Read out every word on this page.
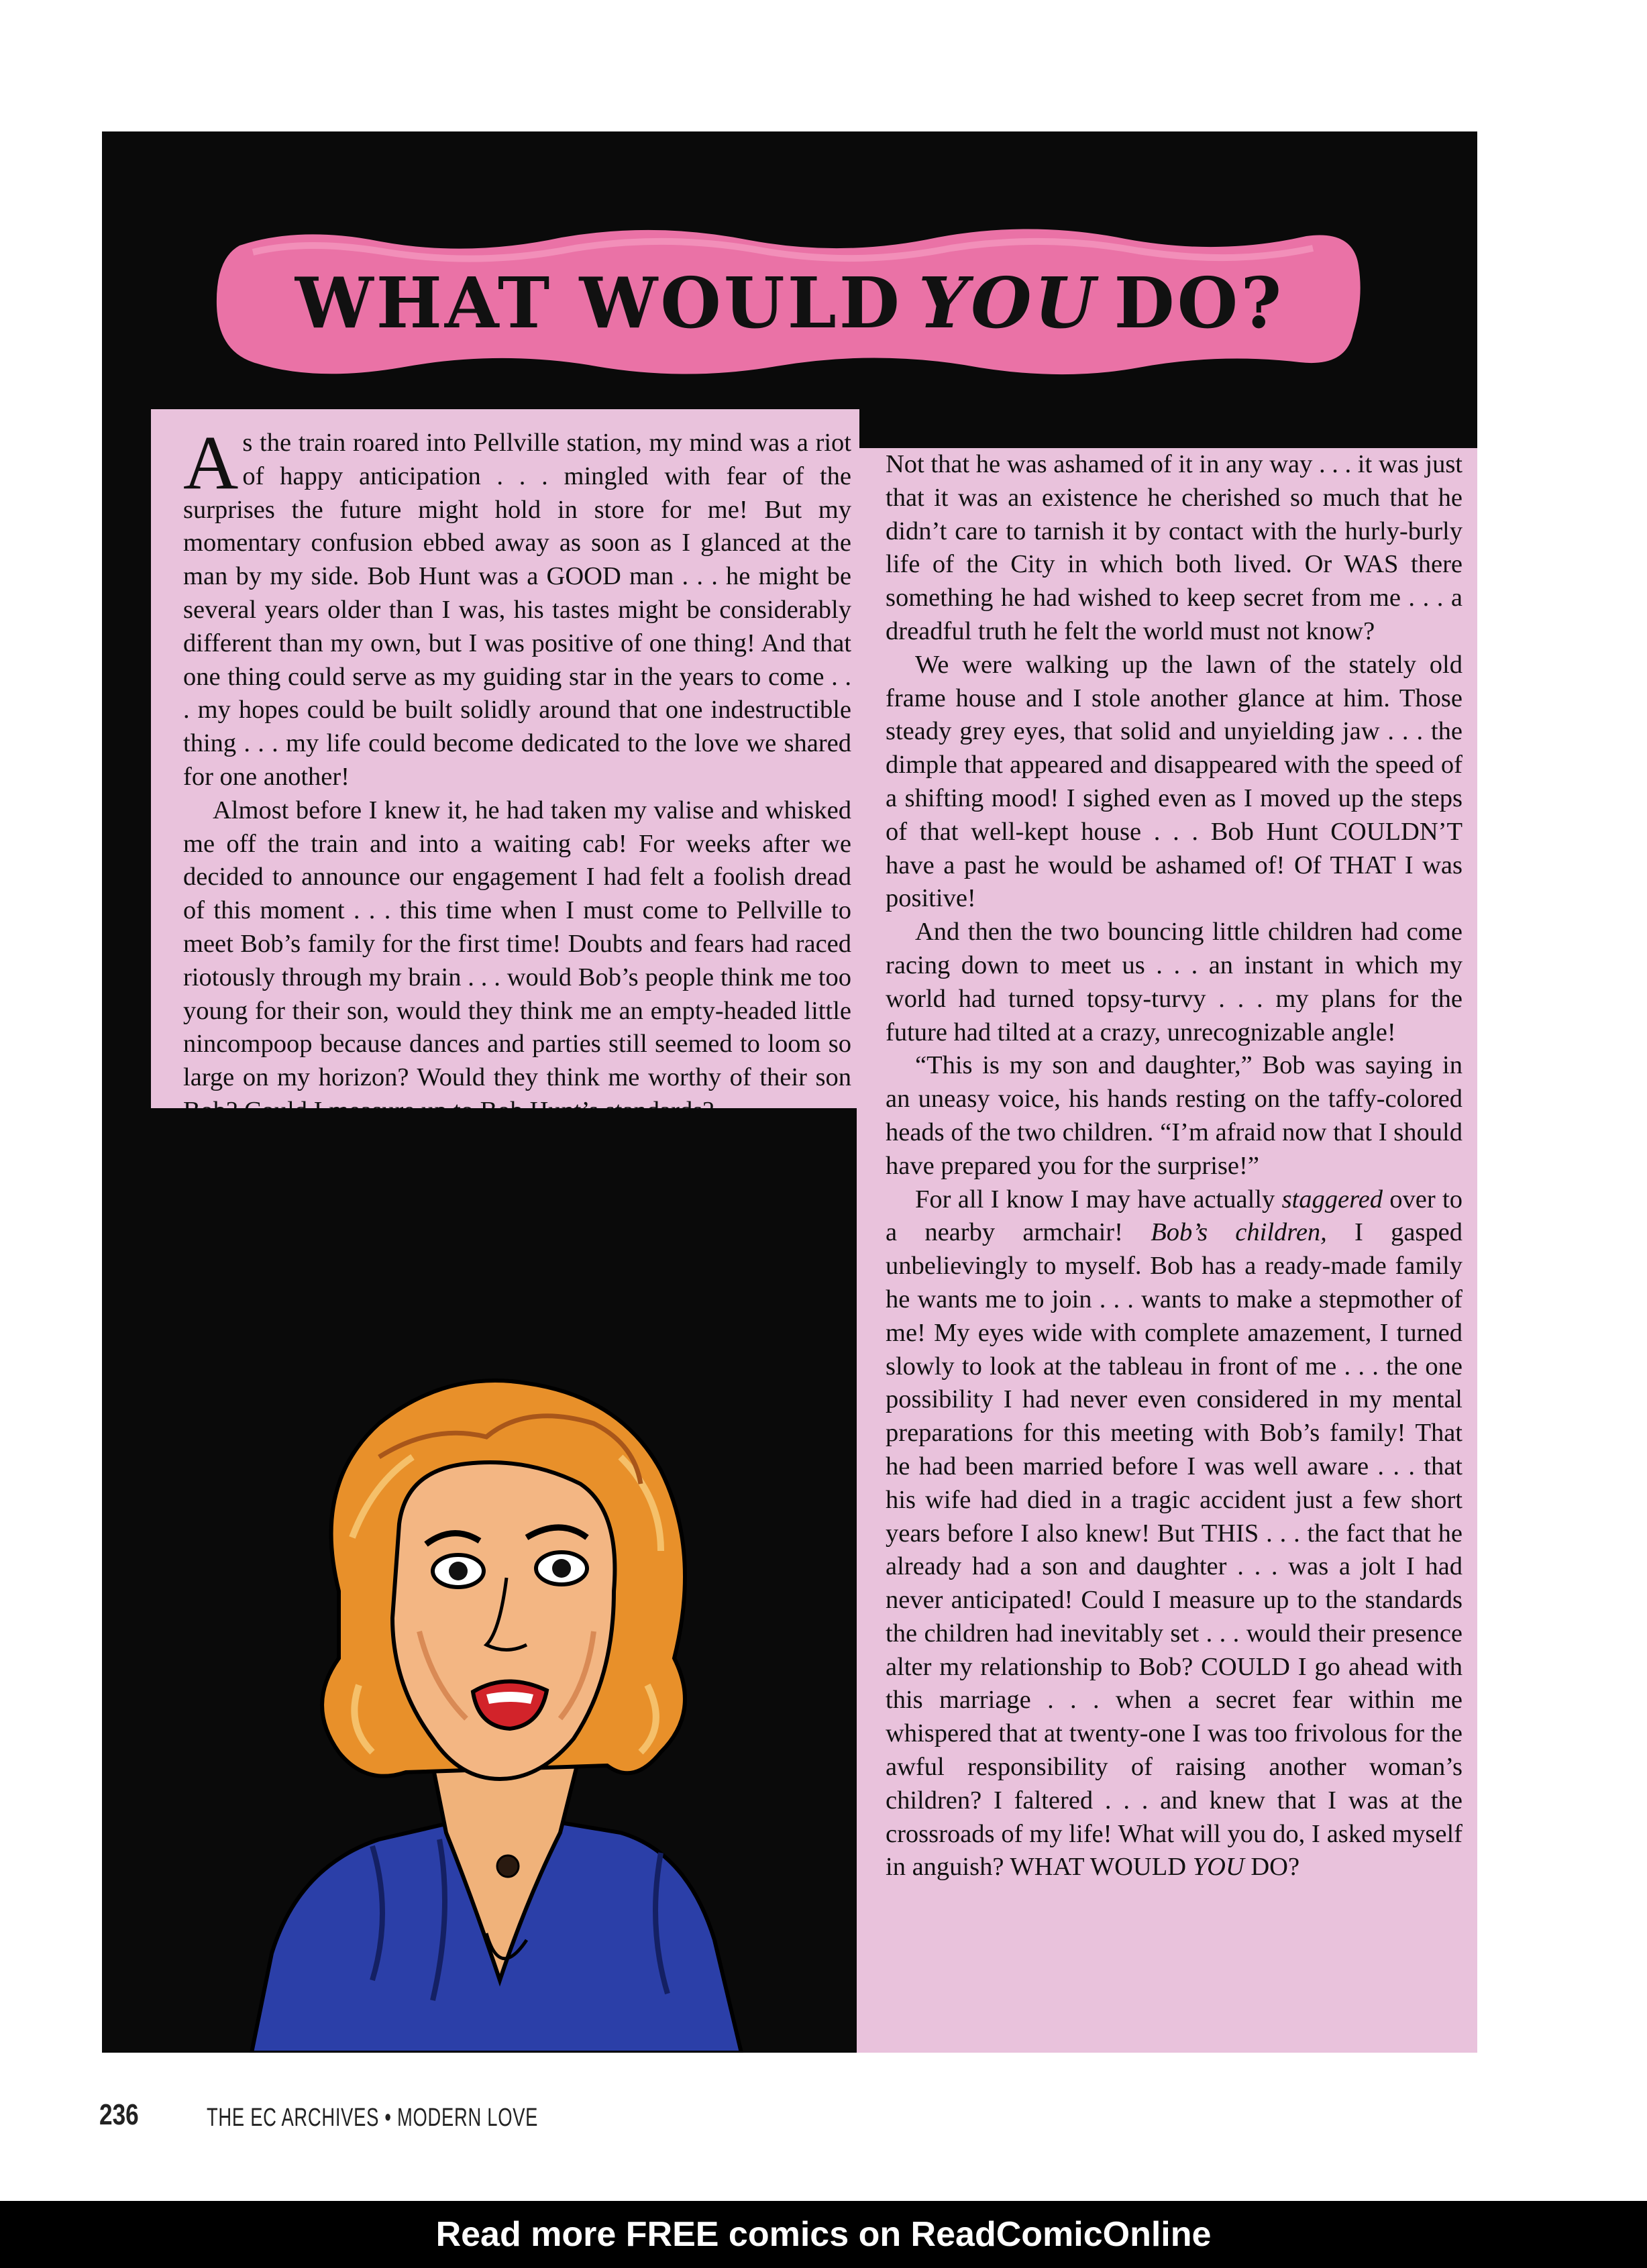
WHAT WOULD YOU DO?

As the train roared into Pellville station, my mind was a riot of happy anticipation . . . mingled with fear of the surprises the future might hold in store for me! But my momentary confusion ebbed away as soon as I glanced at the man by my side. Bob Hunt was a GOOD man . . . he might be several years older than I was, his tastes might be considerably different than my own, but I was positive of one thing! And that one thing could serve as my guiding star in the years to come . . . my hopes could be built solidly around that one indestructible thing . . . my life could become dedicated to the love we shared for one another!

Almost before I knew it, he had taken my valise and whisked me off the train and into a waiting cab! For weeks after we decided to announce our engagement I had felt a foolish dread of this moment . . . this time when I must come to Pellville to meet Bob’s family for the first time! Doubts and fears had raced riotously through my brain . . . would Bob’s people think me too young for their son, would they think me an empty-headed little nincompoop because dances and parties still seemed to loom so large on my horizon? Would they think me worthy of their son

Not that he was ashamed of it in any way . . . it was just that it was an existence he cherished so much that he didn’t care to tarnish it by contact with the hurly-burly life of the City in which both lived. Or WAS there something he had wished to keep secret from me . . . a dreadful truth he felt the world must not know?

We were walking up the lawn of the stately old frame house and I stole another glance at him. Those steady grey eyes, that solid and unyielding jaw . . . the dimple that appeared and disappeared with the speed of a shifting mood! I sighed even as I moved up the steps of that well-kept house . . . Bob Hunt COULDN’T have a past he would be ashamed of! Of THAT I was positive!

And then the two bouncing little children had come racing down to meet us . . . an instant in which my world had turned topsy-turvy . . . my plans for the future had tilted at a crazy, unrecognizable angle!

“This is my son and daughter,” Bob was saying in an uneasy voice, his hands resting on the taffy-colored heads of the two children. “I’m afraid now that I should have prepared you for the surprise!”

For all I know I may have actually staggered over to a nearby armchair! Bob’s children, I gasped unbelievingly to myself. Bob has a ready-made family he wants me to join . . . wants to make a stepmother of me! My eyes wide with complete amazement, I turned slowly to look at the tableau in front of me . . . the one possibility I had never even considered in my mental preparations for this meeting with Bob’s family! That he had been married before I was well aware . . . that his wife had died in a tragic accident just a few short years before I also knew! But THIS . . . the fact that he already had a son and daughter . . . was a jolt I had never anticipated! Could I measure up to the standards the children had inevitably set . . . would their presence alter my relationship to Bob? COULD I go ahead with this marriage . . . when a secret fear within me whispered that at twenty-one I was too frivolous for the awful responsibility of raising another woman’s children? I faltered . . . and knew that I was at the crossroads of my life! What will you do, I asked myself in anguish? WHAT WOULD YOU DO?

236	THE EC ARCHIVES • MODERN LOVE
Read more FREE comics on ReadComicOnline
